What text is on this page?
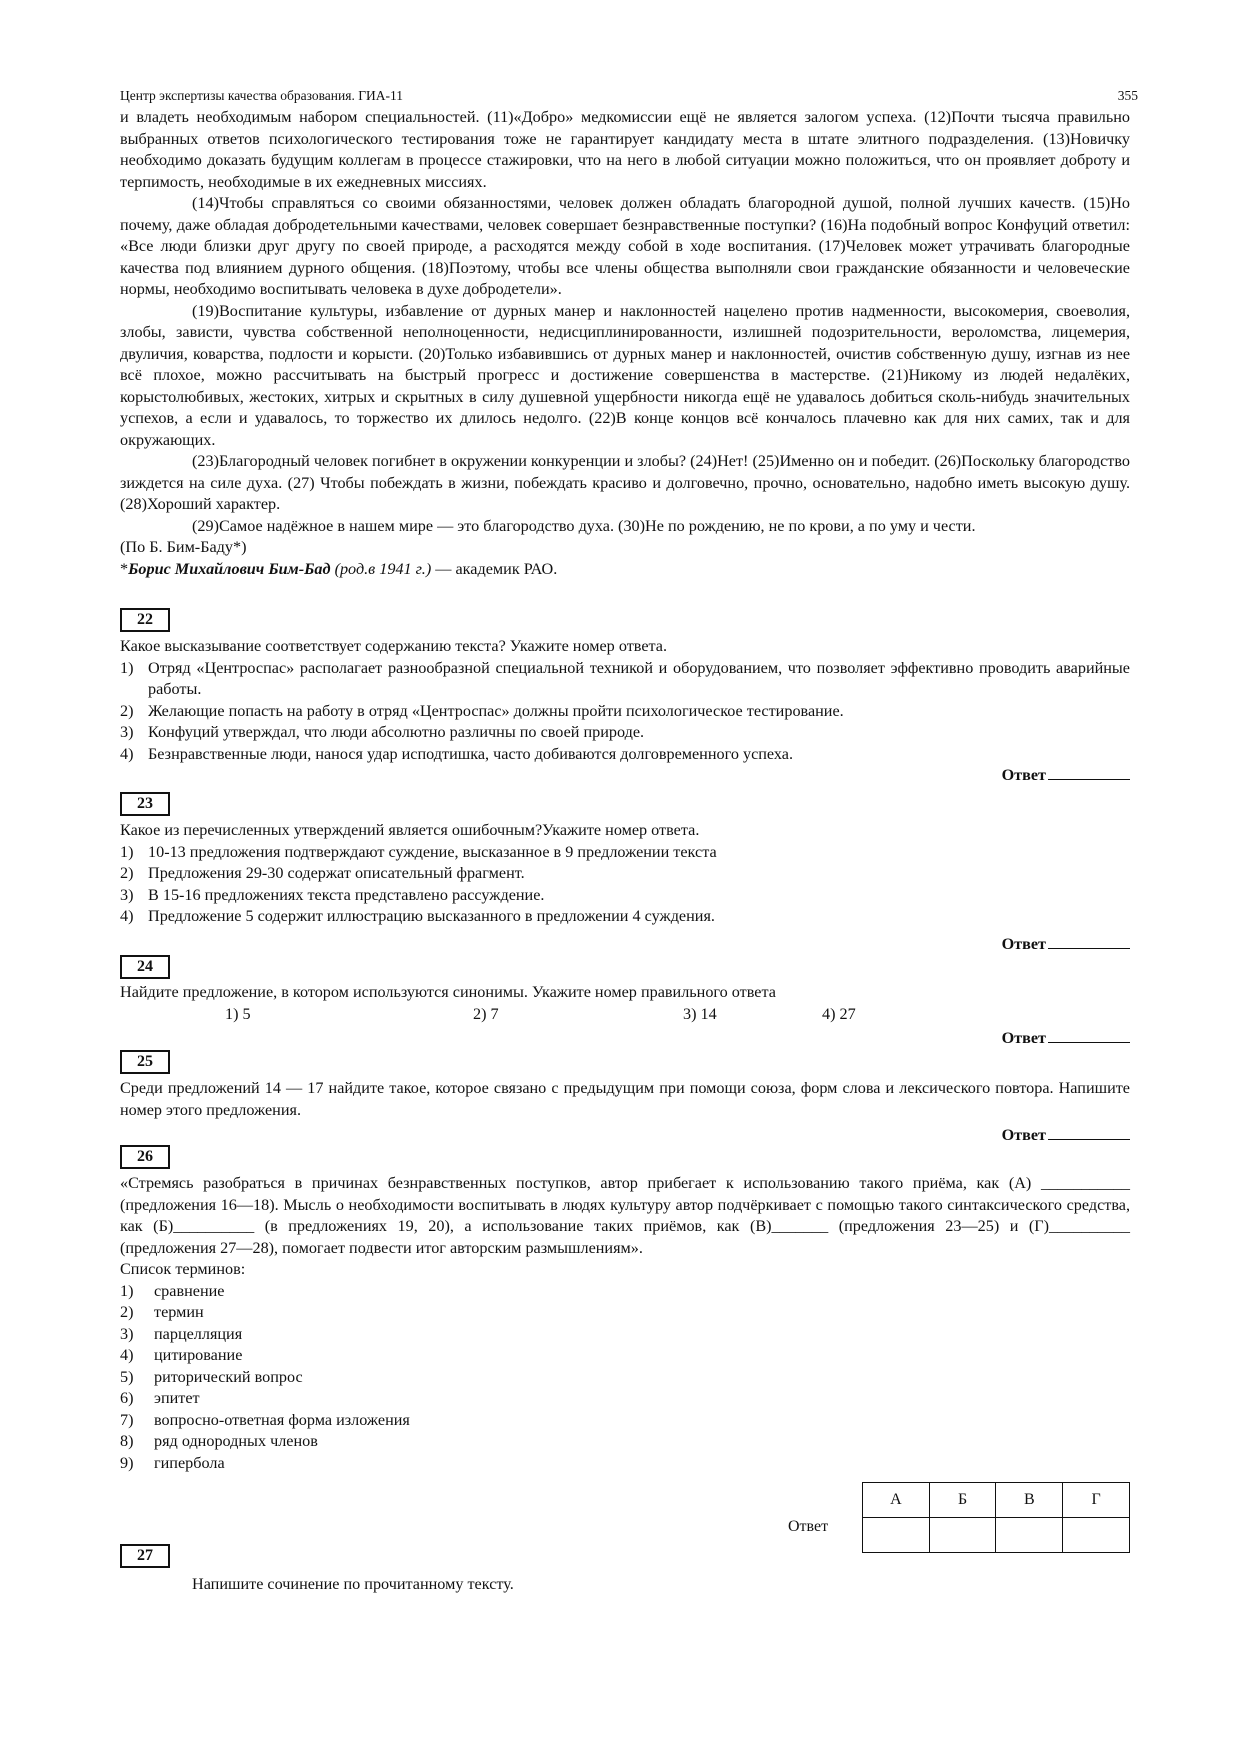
Центр экспертизы качества образования. ГИА-11	355

и владеть необходимым набором специальностей. (11)«Добро» медкомиссии ещё не является залогом успеха. (12)Почти тысяча правильно выбранных ответов психологического тестирования тоже не гарантирует кандидату места в штате элитного подразделения. (13)Новичку необходимо доказать будущим коллегам в процессе стажировки, что на него в любой ситуации можно положиться, что он проявляет доброту и терпимость, необходимые в их ежедневных миссиях.

(14)Чтобы справляться со своими обязанностями, человек должен обладать благородной душой, полной лучших качеств. (15)Но почему, даже обладая добродетельными качествами, человек совершает безнравственные поступки? (16)На подобный вопрос Конфуций ответил: «Все люди близки друг другу по своей природе, а расходятся между собой в ходе воспитания. (17)Человек может утрачивать благородные качества под влиянием дурного общения. (18)Поэтому, чтобы все члены общества выполняли свои гражданские обязанности и человеческие нормы, необходимо воспитывать человека в духе добродетели».

(19)Воспитание культуры, избавление от дурных манер и наклонностей нацелено против надменности, высокомерия, своеволия, злобы, зависти, чувства собственной неполноценности, недисциплинированности, излишней подозрительности, вероломства, лицемерия, двуличия, коварства, подлости и корысти. (20)Только избавившись от дурных манер и наклонностей, очистив собственную душу, изгнав из нее всё плохое, можно рассчитывать на быстрый прогресс и достижение совершенства в мастерстве. (21)Никому из людей недалёких, корыстолюбивых, жестоких, хитрых и скрытных в силу душевной ущербности никогда ещё не удавалось добиться сколь-нибудь значительных успехов, а если и удавалось, то торжество их длилось недолго. (22)В конце концов всё кончалось плачевно как для них самих, так и для окружающих.

(23)Благородный человек погибнет в окружении конкуренции и злобы? (24)Нет! (25)Именно он и победит. (26)Поскольку благородство зиждется на силе духа. (27) Чтобы побеждать в жизни, побеждать красиво и долговечно, прочно, основательно, надобно иметь высокую душу. (28)Хороший характер.

(29)Самое надёжное в нашем мире — это благородство духа. (30)Не по рождению, не по крови, а по уму и чести.

(По Б. Бим-Баду*)

*Борис Михайлович Бим-Бад (род.в 1941 г.) — академик РАО.

22

Какое высказывание соответствует содержанию текста? Укажите номер ответа.

1) Отряд «Центроспас» располагает разнообразной специальной техникой и оборудованием, что позволяет эффективно проводить аварийные работы.
2) Желающие попасть на работу в отряд «Центроспас» должны пройти психологическое тестирование.
3) Конфуций утверждал, что люди абсолютно различны по своей природе.
4) Безнравственные люди, нанося удар исподтишка, часто добиваются долговременного успеха.
Ответ
23

Какое из перечисленных утверждений является ошибочным?Укажите номер ответа.

1) 10-13 предложения подтверждают суждение, высказанное в 9 предложении текста
2) Предложения 29-30 содержат описательный фрагмент.
3) В 15-16 предложениях текста представлено рассуждение.
4) Предложение 5 содержит иллюстрацию высказанного в предложении 4 суждения.
Ответ
24

Найдите предложение, в котором используются синонимы. Укажите номер правильного ответа

1) 5	2) 7	3) 14	4) 27
Ответ
25

Среди предложений 14 — 17 найдите такое, которое связано с предыдущим при помощи союза, форм слова и лексического повтора. Напишите номер этого предложения.

Ответ
26

«Стремясь разобраться в причинах безнравственных поступков, автор прибегает к использованию такого приёма, как (А) ___________ (предложения 16—18). Мысль о необходимости воспитывать в людях культуру автор подчёркивает с помощью такого синтаксического средства, как (Б)__________ (в предложениях 19, 20), а использование таких приёмов, как (В)_______ (предложения 23—25) и (Г)__________ (предложения 27—28), помогает подвести итог авторским размышлениям».

Список терминов:

1)	сравнение
2)	термин
3)	парцелляция
4)	цитирование
5)	риторический вопрос
6)	эпитет
7)	вопросно-ответная форма изложения
8)	ряд однородных членов
9)	гипербола
Ответ
А	Б	В	Г

27

Напишите сочинение по прочитанному тексту.
